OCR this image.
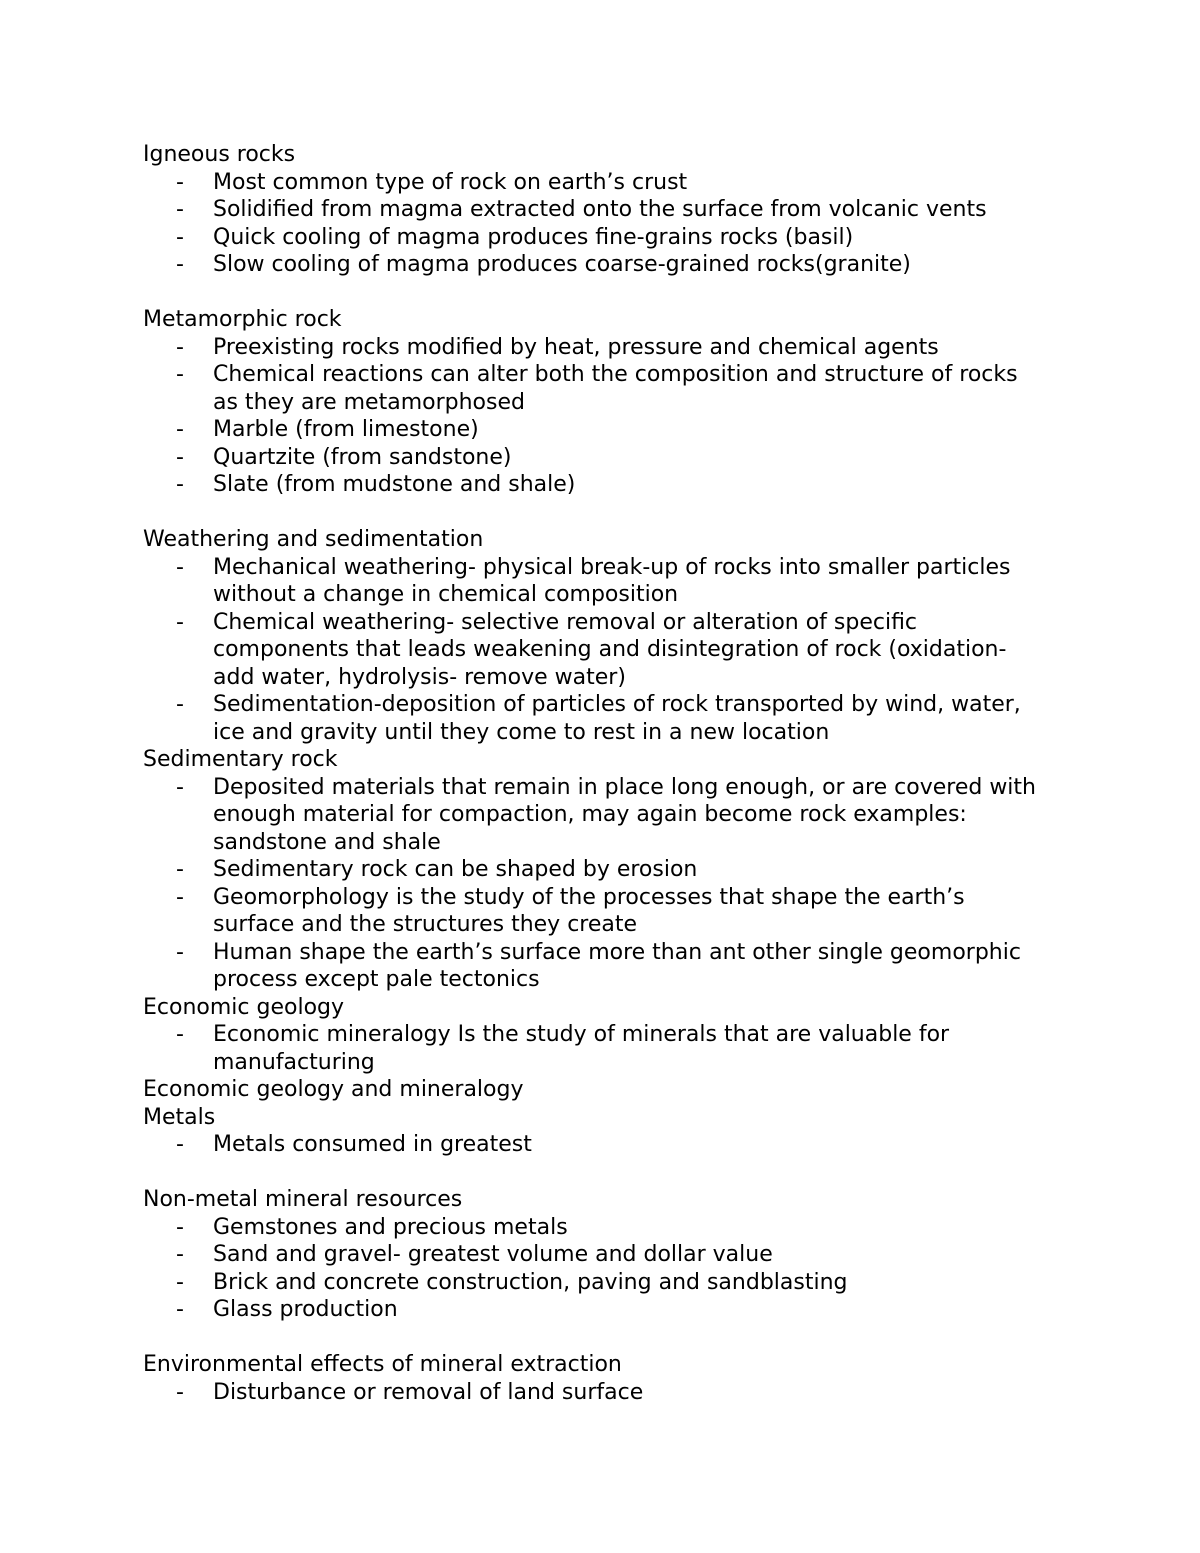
Igneous rocks
- Most common type of rock on earth’s crust
- Solidified from magma extracted onto the surface from volcanic vents
- Quick cooling of magma produces fine-grains rocks (basil)
- Slow cooling of magma produces coarse-grained rocks(granite)
Metamorphic rock
- Preexisting rocks modified by heat, pressure and chemical agents
- Chemical reactions can alter both the composition and structure of rocks as they are metamorphosed
- Marble (from limestone)
- Quartzite (from sandstone)
- Slate (from mudstone and shale)
Weathering and sedimentation
- Mechanical weathering- physical break-up of rocks into smaller particles without a change in chemical composition
- Chemical weathering- selective removal or alteration of specific components that leads weakening and disintegration of rock (oxidation- add water, hydrolysis- remove water)
- Sedimentation-deposition of particles of rock transported by wind, water, ice and gravity until they come to rest in a new location
Sedimentary rock
- Deposited materials that remain in place long enough, or are covered with enough material for compaction, may again become rock examples: sandstone and shale
- Sedimentary rock can be shaped by erosion
- Geomorphology is the study of the processes that shape the earth’s surface and the structures they create
- Human shape the earth’s surface more than ant other single geomorphic process except pale tectonics
Economic geology
- Economic mineralogy Is the study of minerals that are valuable for manufacturing
Economic geology and mineralogy
Metals
- Metals consumed in greatest
Non-metal mineral resources
- Gemstones and precious metals
- Sand and gravel- greatest volume and dollar value
- Brick and concrete construction, paving and sandblasting
- Glass production
Environmental effects of mineral extraction
- Disturbance or removal of land surface
